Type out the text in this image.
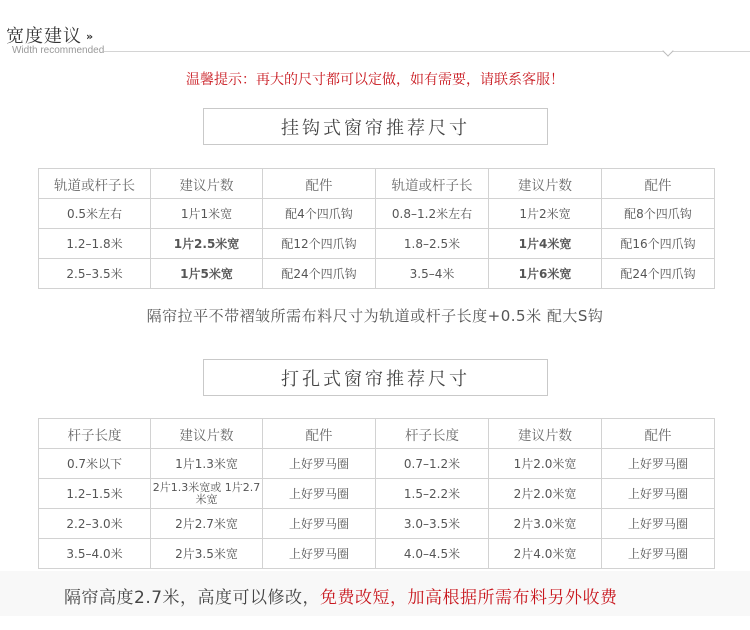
宽度建议 »
Width recommended
温馨提示：再大的尺寸都可以定做，如有需要，请联系客服！
挂钩式窗帘推荐尺寸
轨道或杆子长	建议片数	配件	轨道或杆子长	建议片数	配件
0.5米左右	1片1米宽	配4个四爪钩	0.8–1.2米左右	1片2米宽	配8个四爪钩
1.2–1.8米	1片2.5米宽	配12个四爪钩	1.8–2.5米	1片4米宽	配16个四爪钩
2.5–3.5米	1片5米宽	配24个四爪钩	3.5–4米	1片6米宽	配24个四爪钩
隔帘拉平不带褶皱所需布料尺寸为轨道或杆子长度+0.5米 配大S钩
打孔式窗帘推荐尺寸
杆子长度	建议片数	配件	杆子长度	建议片数	配件
0.7米以下	1片1.3米宽	上好罗马圈	0.7–1.2米	1片2.0米宽	上好罗马圈
1.2–1.5米	2片1.3米宽或 1片2.7米宽	上好罗马圈	1.5–2.2米	2片2.0米宽	上好罗马圈
2.2–3.0米	2片2.7米宽	上好罗马圈	3.0–3.5米	2片3.0米宽	上好罗马圈
3.5–4.0米	2片3.5米宽	上好罗马圈	4.0–4.5米	2片4.0米宽	上好罗马圈
隔帘高度2.7米，高度可以修改，免费改短，加高根据所需布料另外收费
